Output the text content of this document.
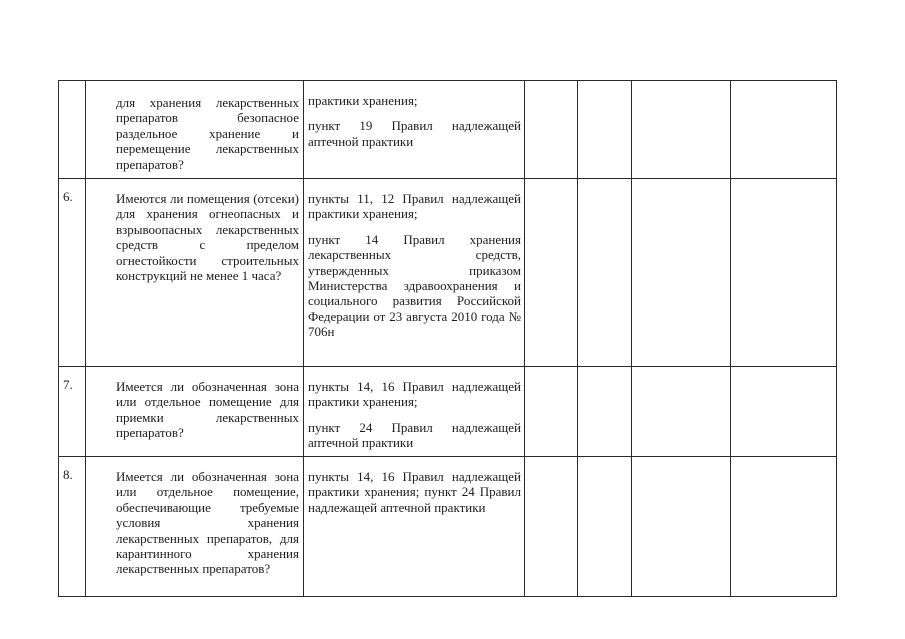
	для хранения лекарственных препаратов безопасное раздельное хранение и перемещение лекарственных препаратов?	практики хранения;

пункт 19 Правил надлежащей аптечной практики				

6.	Имеются ли помещения (отсеки) для хранения огнеопасных и взрывоопасных лекарственных средств с пределом огнестойкости строительных конструкций не менее 1 часа?	пункты 11, 12 Правил надлежащей практики хранения;

пункт 14 Правил хранения лекарственных средств, утвержденных приказом Министерства здравоохранения и социального развития Российской Федерации от 23 августа 2010 года № 706н				

7.	Имеется ли обозначенная зона или отдельное помещение для приемки лекарственных препаратов?	пункты 14, 16 Правил надлежащей практики хранения;

пункт 24 Правил надлежащей аптечной практики				

8.	Имеется ли обозначенная зона или отдельное помещение, обеспечивающие требуемые условия хранения лекарственных препаратов, для карантинного хранения лекарственных препаратов?	пункты 14, 16 Правил надлежащей практики хранения; пункт 24 Правил надлежащей аптечной практики				
